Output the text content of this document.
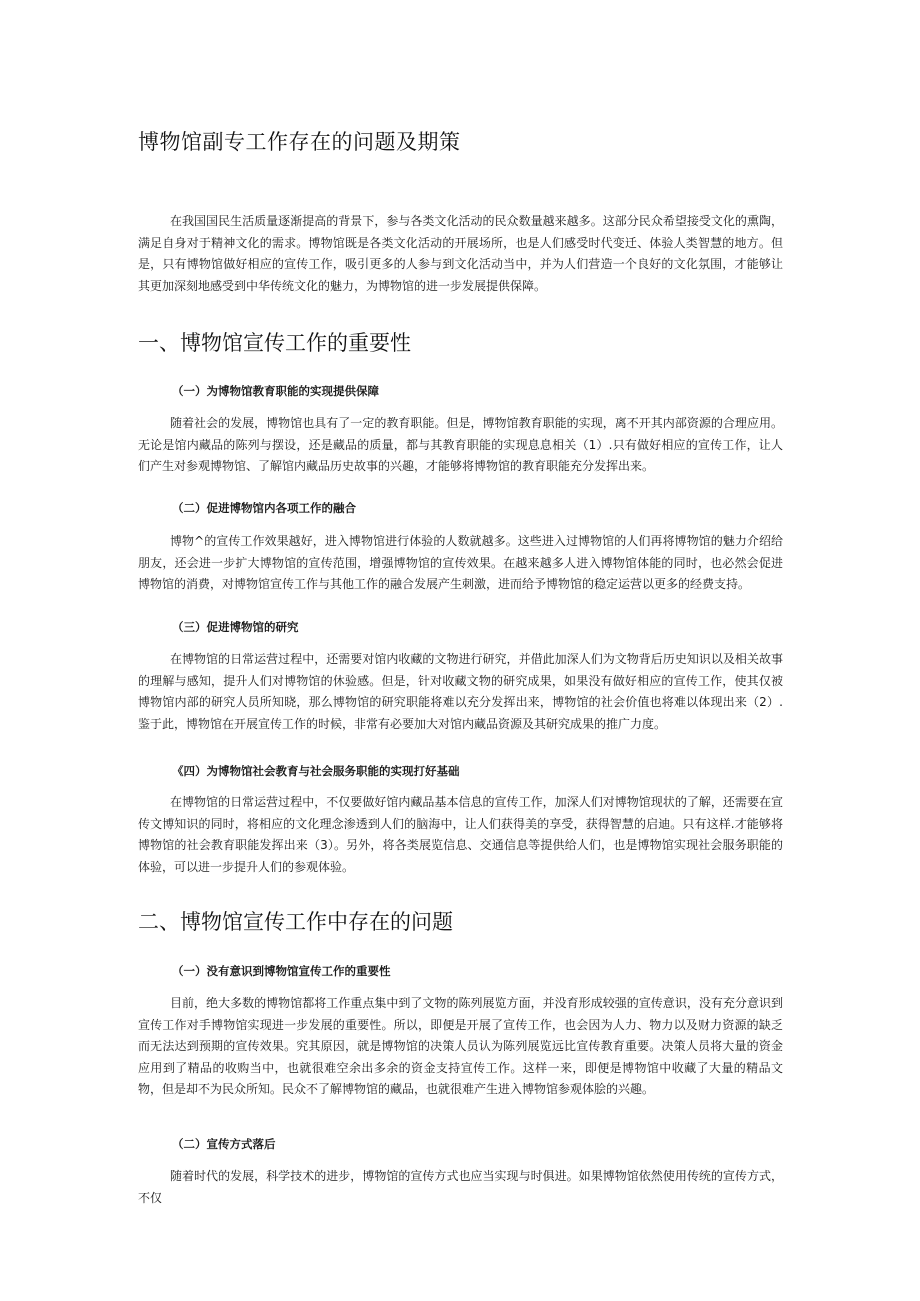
博物馆副专工作存在的问题及期策

在我国国民生活质量逐渐提高的背景下，参与各类文化活动的民众数量越来越多。这部分民众希望接受文化的熏陶，满足自身对于精神文化的需求。博物馆既是各类文化活动的开展场所，也是人们感受时代变迁、体验人类智慧的地方。但是，只有博物馆做好相应的宣传工作，吸引更多的人参与到文化活动当中，并为人们营造一个良好的文化氛围，才能够让其更加深刻地感受到中华传统文化的魅力，为博物馆的进一步发展提供保障。

一、博物馆宣传工作的重要性
（一）为博物馆教育职能的实现提供保障

随着社会的发展，博物馆也具有了一定的教育职能。但是，博物馆教育职能的实现，离不开其内部资源的合理应用。无论是馆内藏品的陈列与摆设，还是藏品的质量，都与其教育职能的实现息息相关（1）.只有做好相应的宣传工作，让人们产生对参观博物馆、了解馆内藏品历史故事的兴趣，才能够将博物馆的教育职能充分发挥出来。

（二）促进博物馆内各项工作的融合

博物^的宣传工作效果越好，进入博物馆进行体验的人数就越多。这些进入过博物馆的人们再将博物馆的魅力介绍给朋友，还会进一步扩大博物馆的宣传范围，增强博物馆的宣传效果。在越来越多人进入博物馆体能的同时，也必然会促进博物馆的消费，对博物馆宣传工作与其他工作的融合发展产生刺激，进而给予博物馆的稳定运营以更多的经费支持。

（三）促进博物馆的研究

在博物馆的日常运营过程中，还需要对馆内收藏的文物进行研究，并借此加深人们为文物背后历史知识以及相关故事的理解与感知，提升人们对博物馆的休验感。但是，针对收藏文物的研究成果，如果没有做好相应的宣传工作，使其仅被博物馆内部的研究人员所知晓，那么博物馆的研究职能将难以充分发挥出来，博物馆的社会价值也将难以体现出来（2）.鉴于此，博物馆在开展宣传工作的时候，非常有必要加大对馆内藏品资源及其研究成果的推广力度。

《四）为博物馆社会教育与社会服务职能的实现打好基础

在博物馆的日常运营过程中，不仅要做好馆内藏品基本信息的宣传工作，加深人们对博物馆现状的了解，还需要在宣传文博知识的同时，将相应的文化理念渗透到人们的脑海中，让人们获得美的享受，获得智慧的启迪。只有这样.才能够将博物馆的社会教育职能发挥出来（3）。另外，将各类展览信息、交通信息等提供给人们，也是博物馆实现社会服务职能的体验，可以进一步提升人们的参观体验。

二、博物馆宣传工作中存在的问题
（一）没有意识到博物馆宣传工作的重要性

目前，绝大多数的博物馆都将工作重点集中到了文物的陈列展览方面，并没育形成较强的宣传意识，没有充分意识到宣传工作对手博物馆实现进一步发展的重要性。所以，即便是开展了宣传工作，也会因为人力、物力以及财力资源的缺乏而无法达到预期的宣传效果。究其原因，就是博物馆的决策人员认为陈列展览远比宣传教育重要。决策人员将大量的资金应用到了精品的收购当中，也就很难空余出多余的资金支持宣传工作。这样一来，即便是博物馆中收藏了大量的精品文物，但是却不为民众所知。民众不了解博物馆的藏品，也就很难产生进入博物馆参观体脍的兴趣。

（二）宣传方式落后

随着时代的发展，科学技术的进步，博物馆的宣传方式也应当实现与时俱进。如果博物馆依然使用传统的宣传方式，不仅
